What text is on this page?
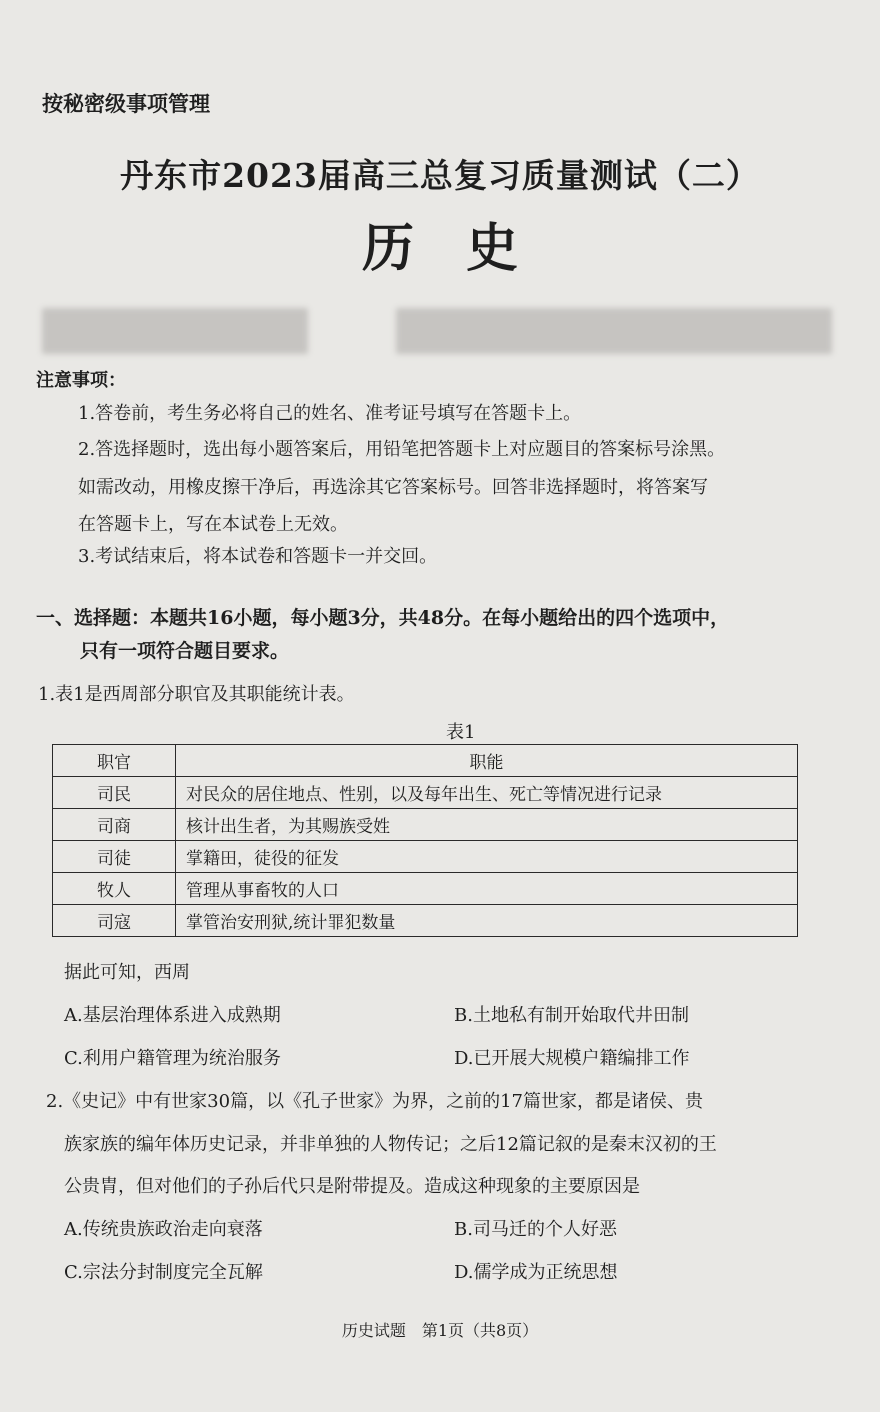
按秘密级事项管理
丹东市2023届高三总复习质量测试（二）
历史
注意事项：
1.答卷前，考生务必将自己的姓名、准考证号填写在答题卡上。
2.答选择题时，选出每小题答案后，用铅笔把答题卡上对应题目的答案标号涂黑。
如需改动，用橡皮擦干净后，再选涂其它答案标号。回答非选择题时，将答案写
在答题卡上，写在本试卷上无效。
3.考试结束后，将本试卷和答题卡一并交回。
一、选择题：本题共16小题，每小题3分，共48分。在每小题给出的四个选项中，
只有一项符合题目要求。
1.表1是西周部分职官及其职能统计表。
表1
职官	职能
司民	对民众的居住地点、性别，以及每年出生、死亡等情况进行记录
司商	核计出生者，为其赐族受姓
司徒	掌籍田，徒役的征发
牧人	管理从事畜牧的人口
司寇	掌管治安刑狱,统计罪犯数量
据此可知，西周
A.基层治理体系进入成熟期	B.土地私有制开始取代井田制
C.利用户籍管理为统治服务	D.已开展大规模户籍编排工作
2.《史记》中有世家30篇，以《孔子世家》为界，之前的17篇世家，都是诸侯、贵
族家族的编年体历史记录，并非单独的人物传记；之后12篇记叙的是秦末汉初的王
公贵胄，但对他们的子孙后代只是附带提及。造成这种现象的主要原因是
A.传统贵族政治走向衰落	B.司马迁的个人好恶
C.宗法分封制度完全瓦解	D.儒学成为正统思想
历史试题　第1页（共8页）
